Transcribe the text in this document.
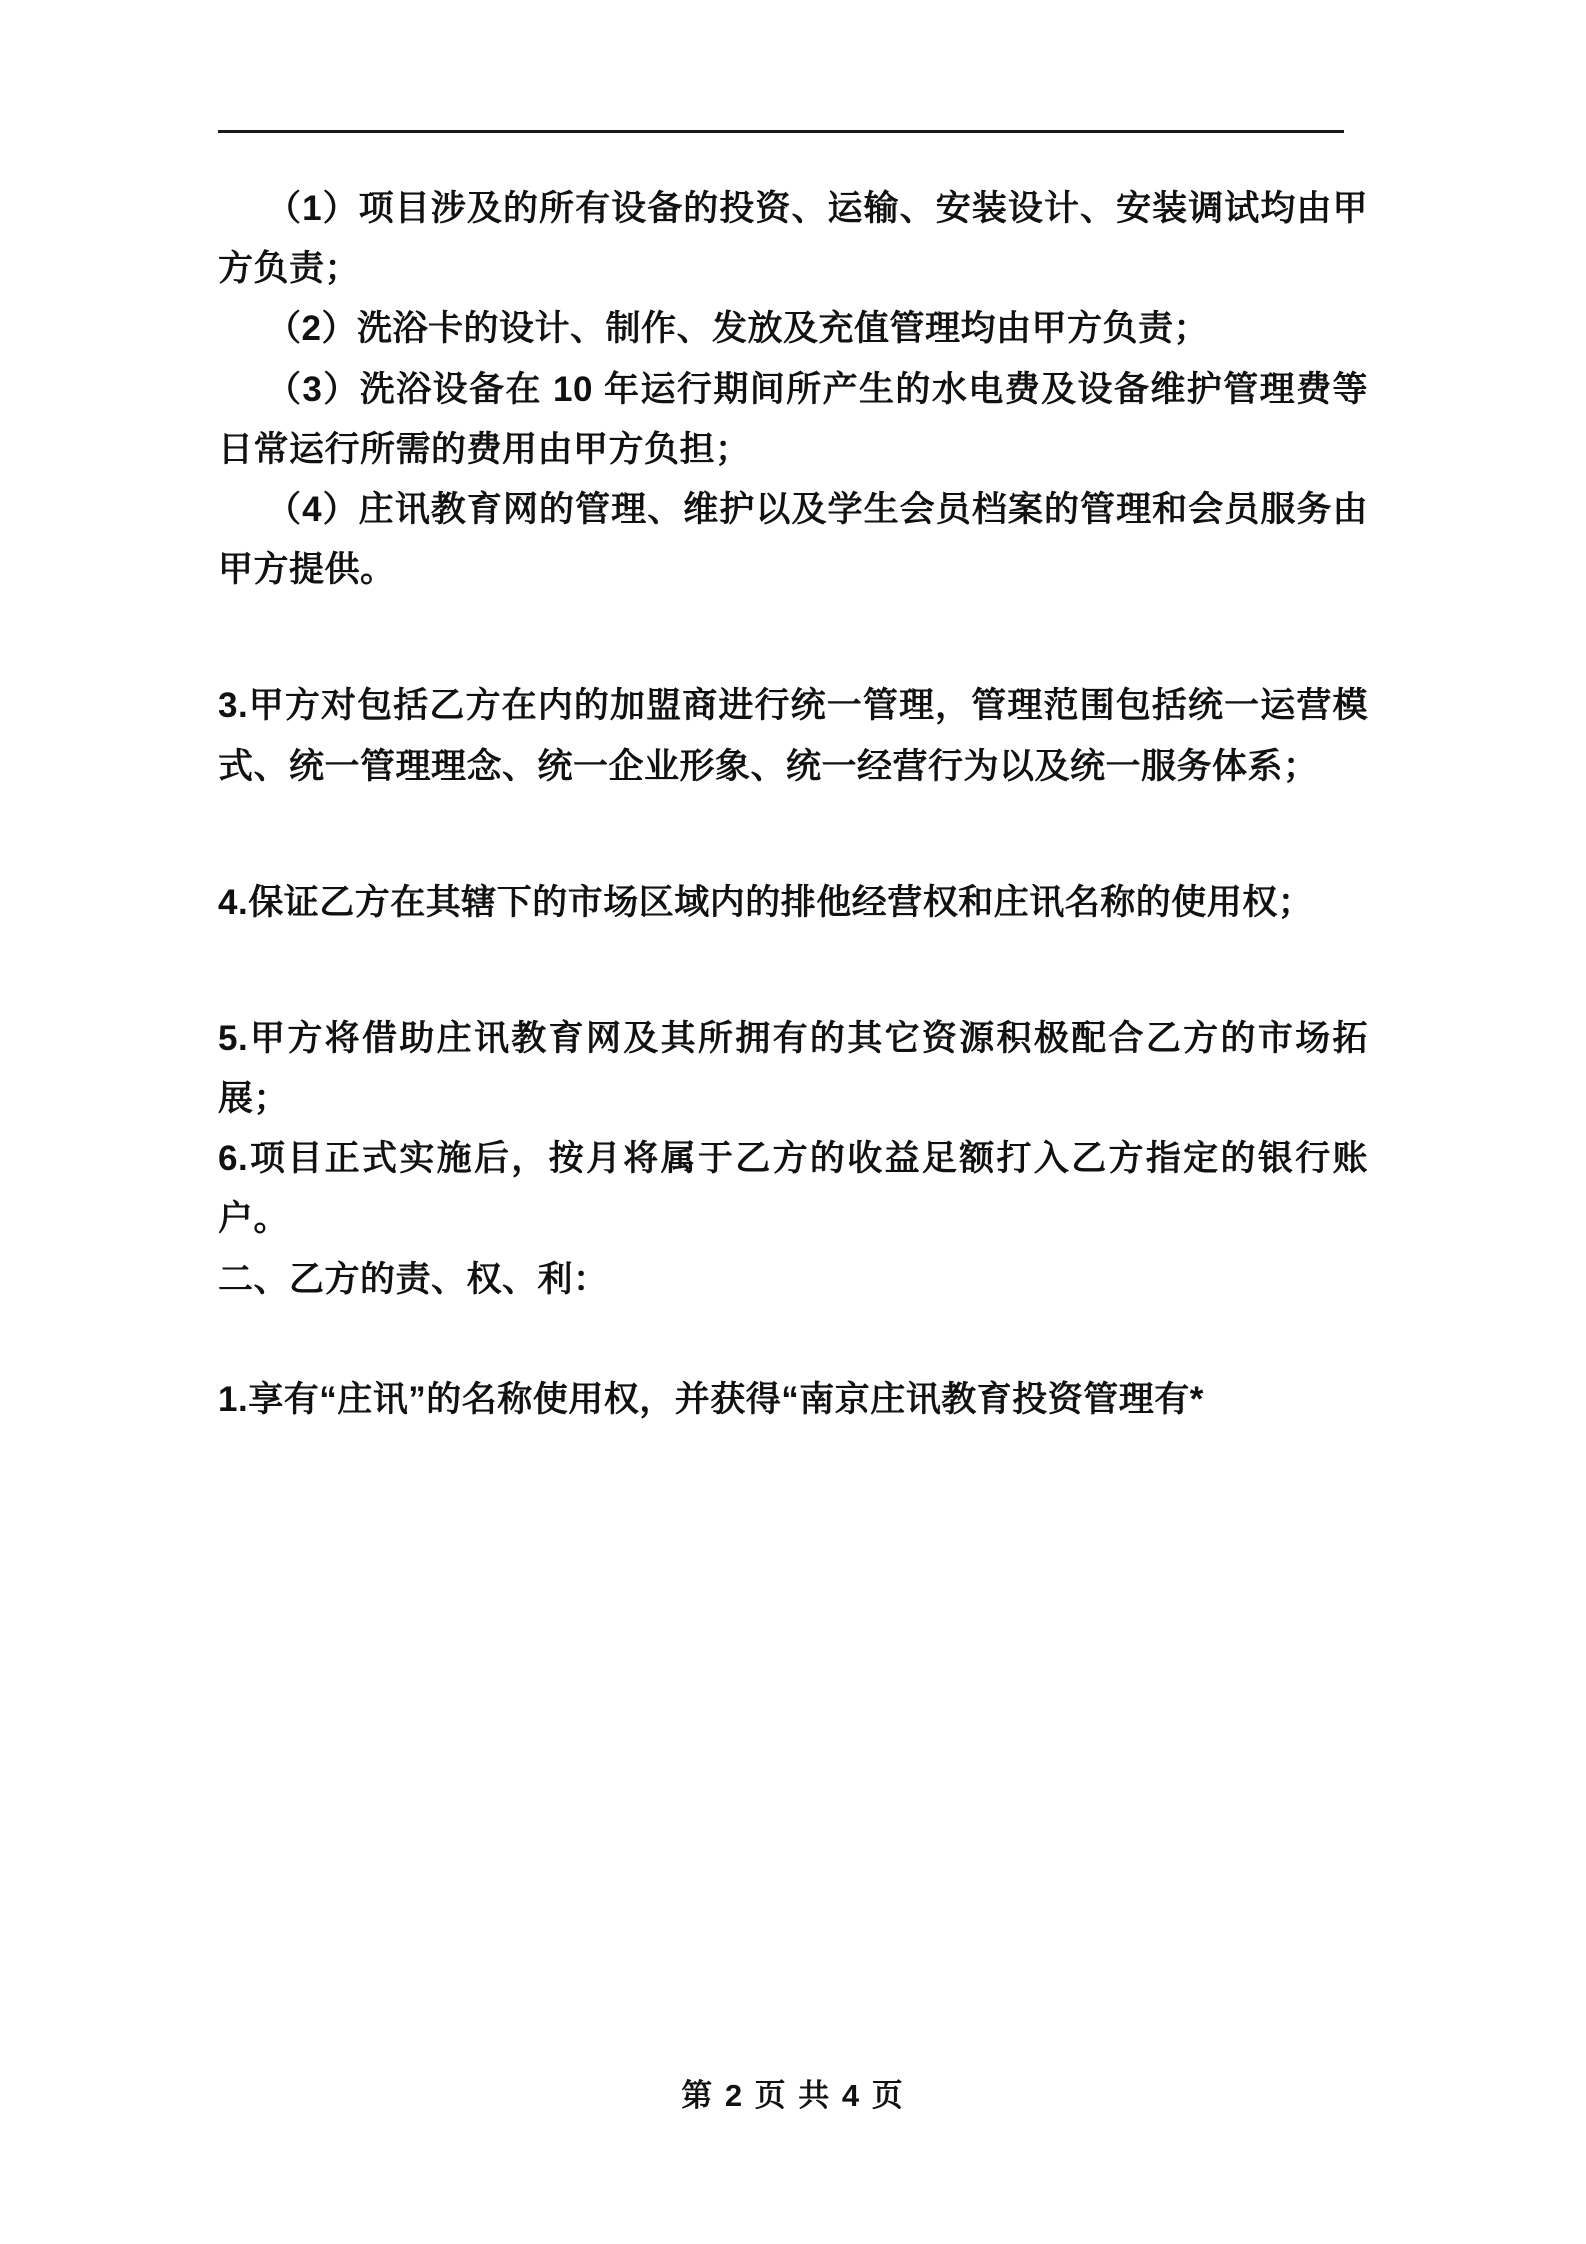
（1）项目涉及的所有设备的投资、运输、安装设计、安装调试均由甲方负责；

（2）洗浴卡的设计、制作、发放及充值管理均由甲方负责；

（3）洗浴设备在 10 年运行期间所产生的水电费及设备维护管理费等日常运行所需的费用由甲方负担；

（4）庄讯教育网的管理、维护以及学生会员档案的管理和会员服务由甲方提供。

3.甲方对包括乙方在内的加盟商进行统一管理，管理范围包括统一运营模式、统一管理理念、统一企业形象、统一经营行为以及统一服务体系；

4.保证乙方在其辖下的市场区域内的排他经营权和庄讯名称的使用权；

5.甲方将借助庄讯教育网及其所拥有的其它资源积极配合乙方的市场拓展；

6.项目正式实施后，按月将属于乙方的收益足额打入乙方指定的银行账户。

二、乙方的责、权、利：

1.享有“庄讯”的名称使用权，并获得“南京庄讯教育投资管理有*

第 2 页 共 4 页
